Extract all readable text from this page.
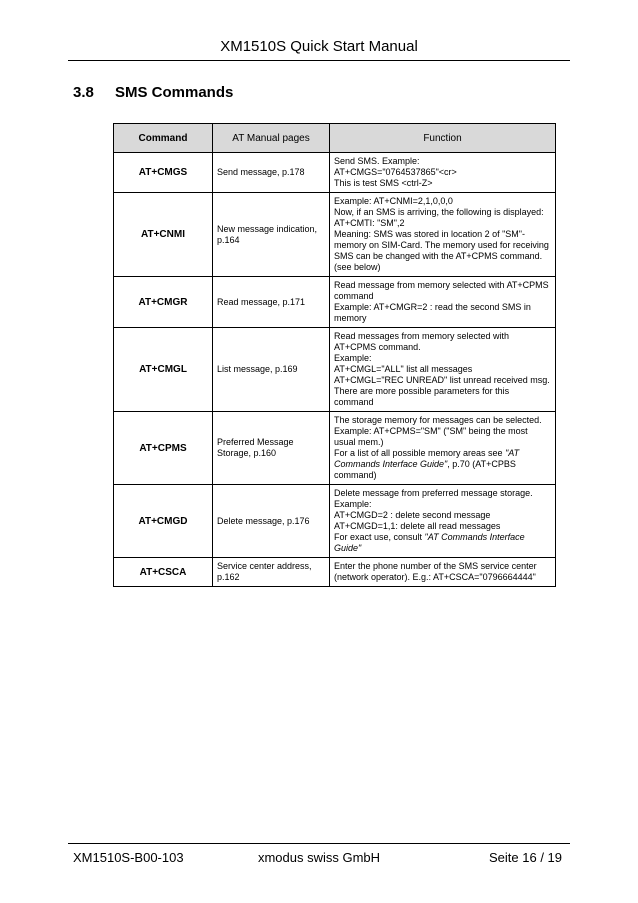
XM1510S Quick Start Manual
3.8 SMS Commands
Command	AT Manual pages	Function
AT+CMGS	Send message, p.178	Send SMS. Example:
AT+CMGS="0764537865"<cr>
This is test SMS <ctrl-Z>

AT+CNMI	New message indication, p.164	Example: AT+CNMI=2,1,0,0,0
Now, if an SMS is arriving, the following is displayed:
AT+CMTI: "SM",2
Meaning: SMS was stored in location 2 of "SM"-memory on SIM-Card. The memory used for receiving SMS can be changed with the AT+CPMS command. (see below)

AT+CMGR	Read message, p.171	Read message from memory selected with AT+CPMS command
Example: AT+CMGR=2 : read the second SMS in memory

AT+CMGL	List message, p.169	Read messages from memory selected with AT+CPMS command.
Example:
AT+CMGL="ALL" list all messages
AT+CMGL="REC UNREAD" list unread received msg.
There are more possible parameters for this command

AT+CPMS	Preferred Message Storage, p.160	The storage memory for messages can be selected. Example: AT+CPMS="SM" ("SM" being the most usual mem.)
For a list of all possible memory areas see "AT Commands Interface Guide", p.70 (AT+CPBS command)

AT+CMGD	Delete message, p.176	Delete message from preferred message storage. Example:
AT+CMGD=2 : delete second message
AT+CMGD=1,1: delete all read messages
For exact use, consult "AT Commands Interface Guide"

AT+CSCA	Service center address, p.162	Enter the phone number of the SMS service center (network operator). E.g.: AT+CSCA="0796664444"
XM1510S-B00-103	xmodus swiss GmbH	Seite 16 / 19
